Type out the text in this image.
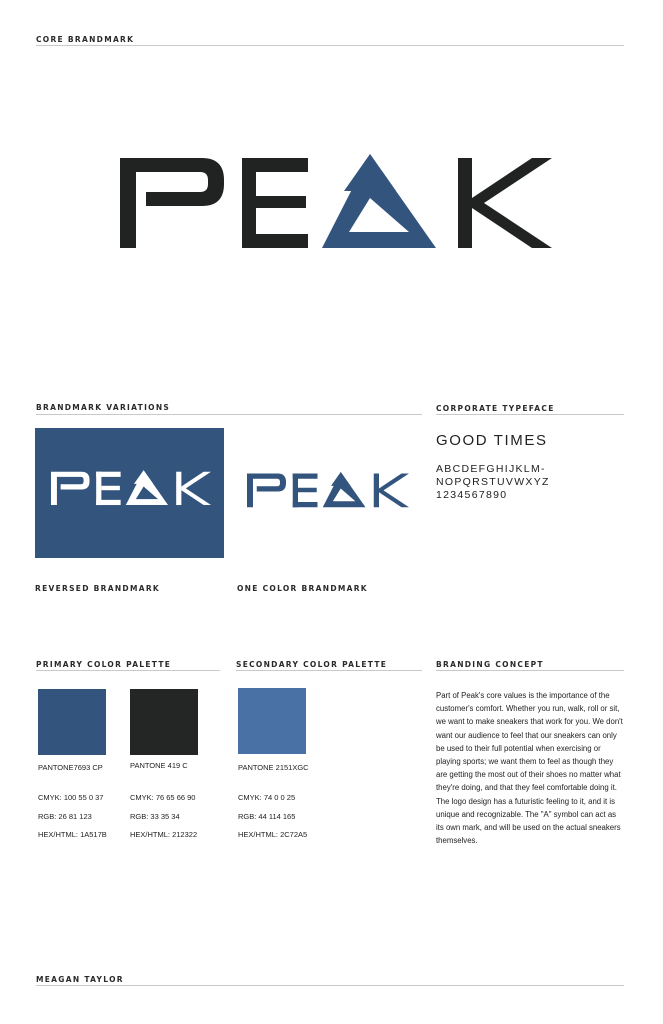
CORE BRANDMARK
BRANDMARK VARIATIONS
REVERSED BRANDMARK	ONE COLOR BRANDMARK
CORPORATE TYPEFACE
GOOD TIMES
ABCDEFGHIJKLM-
NOPQRSTUVWXYZ
1234567890
PRIMARY COLOR PALETTE
PANTONE7693 CP
CMYK: 100 55 0 37
RGB: 26 81 123
HEX/HTML: 1A517B
PANTONE 419 C
CMYK: 76 65 66 90
RGB: 33 35 34
HEX/HTML: 212322
SECONDARY COLOR PALETTE
PANTONE 2151XGC
CMYK: 74 0 0 25
RGB: 44 114 165
HEX/HTML: 2C72A5
BRANDING CONCEPT
Part of Peak's core values is the importance of the customer's comfort. Whether you run, walk, roll or sit, we want to make sneakers that work for you. We don't want our audience to feel that our sneakers can only be used to their full potential when exercising or playing sports; we want them to feel as though they are getting the most out of their shoes no matter what they're doing, and that they feel comfortable doing it. The logo design has a futuristic feeling to it, and it is unique and recognizable. The "A" symbol can act as its own mark, and will be used on the actual sneakers themselves.
MEAGAN TAYLOR
